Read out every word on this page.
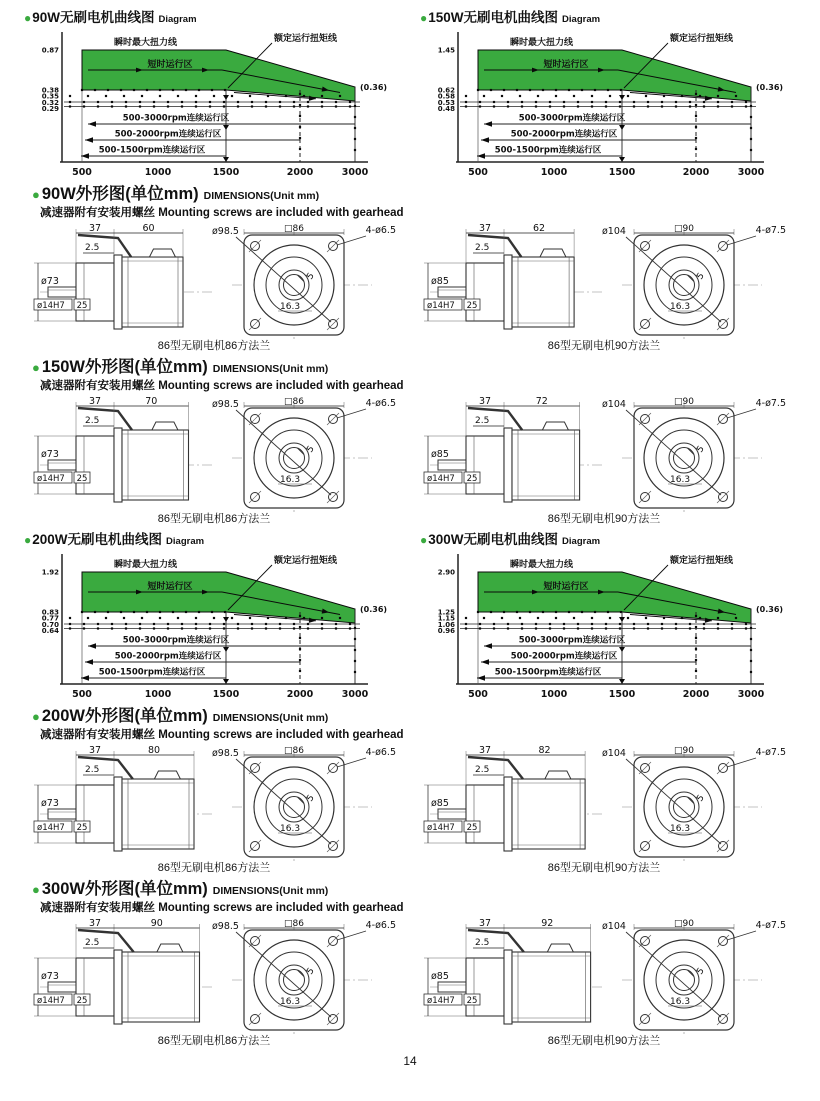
●90W无刷电机曲线图 Diagram
瞬时最大扭力线
短时运行区
额定运行扭矩线
500-3000rpm连续运行区
500-2000rpm连续运行区
500-1500rpm连续运行区
0.87
0.38
0.35
0.32
0.29
(0.36)
500	1000	1500	2000	3000
●150W无刷电机曲线图 Diagram
瞬时最大扭力线
短时运行区
额定运行扭矩线
500-3000rpm连续运行区
500-2000rpm连续运行区
500-1500rpm连续运行区
1.45
0.62
0.58
0.53
0.48
(0.36)
500	1000	1500	2000	3000
● 90W外形图(单位mm) DIMENSIONS(Unit mm)
减速器附有安装用螺丝 Mounting screws are included with gearhead
37	60
2.5
ø73
ø14H7 25
□86
ø98.5	4-ø6.5
5
16.3
86型无刷电机86方法兰
37	62
2.5
ø85
ø14H7 25
□90
ø104	4-ø7.5
5
16.3
86型无刷电机90方法兰
● 150W外形图(单位mm) DIMENSIONS(Unit mm)
减速器附有安装用螺丝 Mounting screws are included with gearhead
37	70
2.5
ø73
ø14H7 25
□86
ø98.5	4-ø6.5
5
16.3
86型无刷电机86方法兰
37	72
2.5
ø85
ø14H7 25
□90
ø104	4-ø7.5
5
16.3
86型无刷电机90方法兰
●200W无刷电机曲线图 Diagram
瞬时最大扭力线
短时运行区
额定运行扭矩线
500-3000rpm连续运行区
500-2000rpm连续运行区
500-1500rpm连续运行区
1.92
0.83
0.77
0.70
0.64
(0.36)
500	1000	1500	2000	3000
●300W无刷电机曲线图 Diagram
瞬时最大扭力线
短时运行区
额定运行扭矩线
500-3000rpm连续运行区
500-2000rpm连续运行区
500-1500rpm连续运行区
2.90
1.25
1.15
1.06
0.96
(0.36)
500	1000	1500	2000	3000
● 200W外形图(单位mm) DIMENSIONS(Unit mm)
减速器附有安装用螺丝 Mounting screws are included with gearhead
37	80
2.5
ø73
ø14H7 25
□86
ø98.5	4-ø6.5
5
16.3
86型无刷电机86方法兰
37	82
2.5
ø85
ø14H7 25
□90
ø104	4-ø7.5
5
16.3
86型无刷电机90方法兰
● 300W外形图(单位mm) DIMENSIONS(Unit mm)
减速器附有安装用螺丝 Mounting screws are included with gearhead
37	90
2.5
ø73
ø14H7 25
□86
ø98.5	4-ø6.5
5
16.3
86型无刷电机86方法兰
37	92
2.5
ø85
ø14H7 25
□90
ø104	4-ø7.5
5
16.3
86型无刷电机90方法兰
14
